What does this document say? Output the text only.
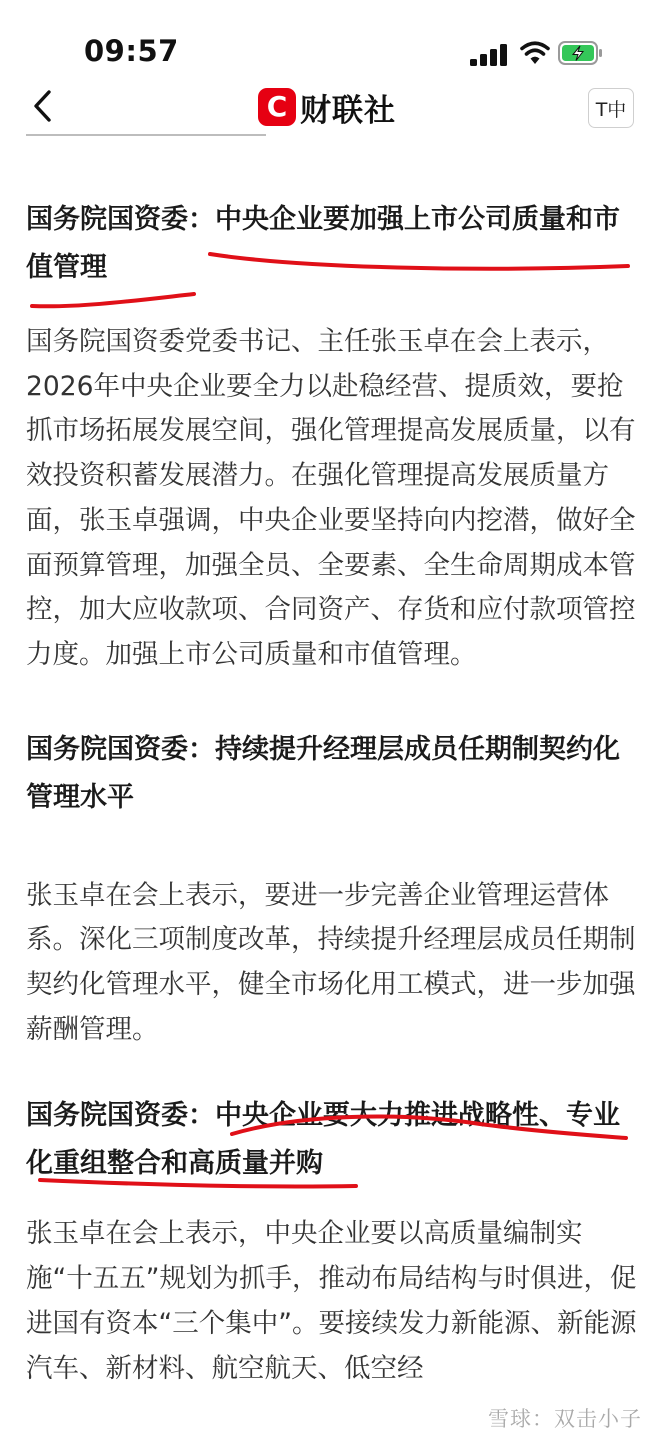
09:57
C 财联社	T中
国务院国资委：中央企业要加强上市公司质量和市值管理

国务院国资委党委书记、主任张玉卓在会上表示，2026年中央企业要全力以赴稳经营、提质效，要抢抓市场拓展发展空间，强化管理提高发展质量，以有效投资积蓄发展潜力。在强化管理提高发展质量方面，张玉卓强调，中央企业要坚持向内挖潜，做好全面预算管理，加强全员、全要素、全生命周期成本管控，加大应收款项、合同资产、存货和应付款项管控力度。加强上市公司质量和市值管理。

国务院国资委：持续提升经理层成员任期制契约化管理水平

张玉卓在会上表示，要进一步完善企业管理运营体系。深化三项制度改革，持续提升经理层成员任期制契约化管理水平，健全市场化用工模式，进一步加强薪酬管理。

国务院国资委：中央企业要大力推进战略性、专业化重组整合和高质量并购

张玉卓在会上表示，中央企业要以高质量编制实施“十五五”规划为抓手，推动布局结构与时俱进，促进国有资本“三个集中”。要接续发力新能源、新能源汽车、新材料、航空航天、低空经

雪球：双击小子
